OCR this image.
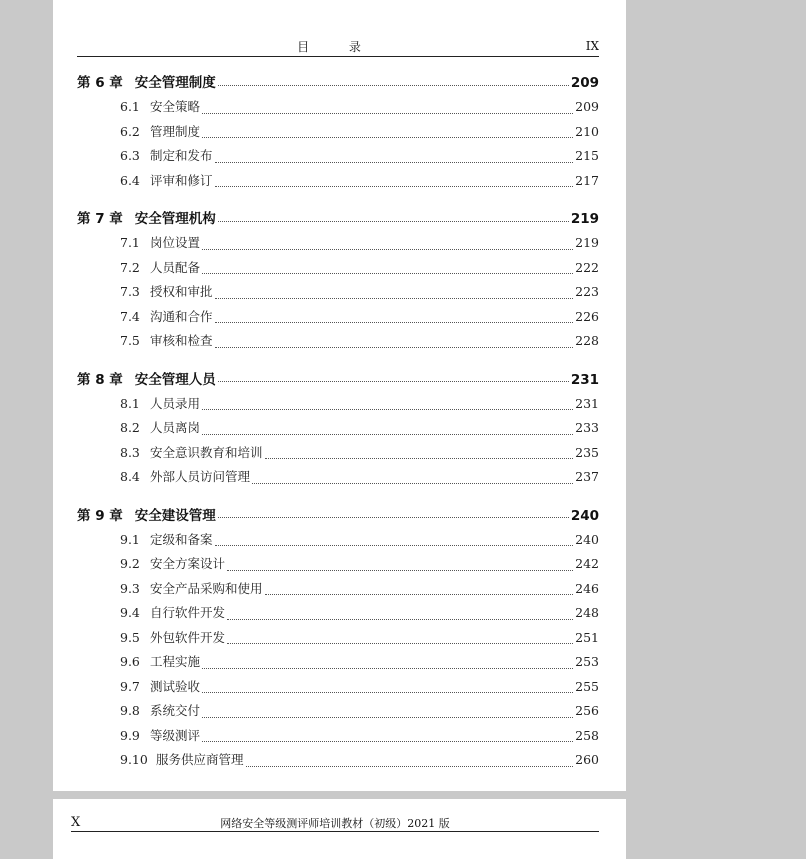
目 录	IX
第 6 章 安全管理制度	209
6.1 安全策略	209
6.2 管理制度	210
6.3 制定和发布	215
6.4 评审和修订	217
第 7 章 安全管理机构	219
7.1 岗位设置	219
7.2 人员配备	222
7.3 授权和审批	223
7.4 沟通和合作	226
7.5 审核和检查	228
第 8 章 安全管理人员	231
8.1 人员录用	231
8.2 人员离岗	233
8.3 安全意识教育和培训	235
8.4 外部人员访问管理	237
第 9 章 安全建设管理	240
9.1 定级和备案	240
9.2 安全方案设计	242
9.3 安全产品采购和使用	246
9.4 自行软件开发	248
9.5 外包软件开发	251
9.6 工程实施	253
9.7 测试验收	255
9.8 系统交付	256
9.9 等级测评	258
9.10 服务供应商管理	260
X	网络安全等级测评师培训教材（初级）2021 版
